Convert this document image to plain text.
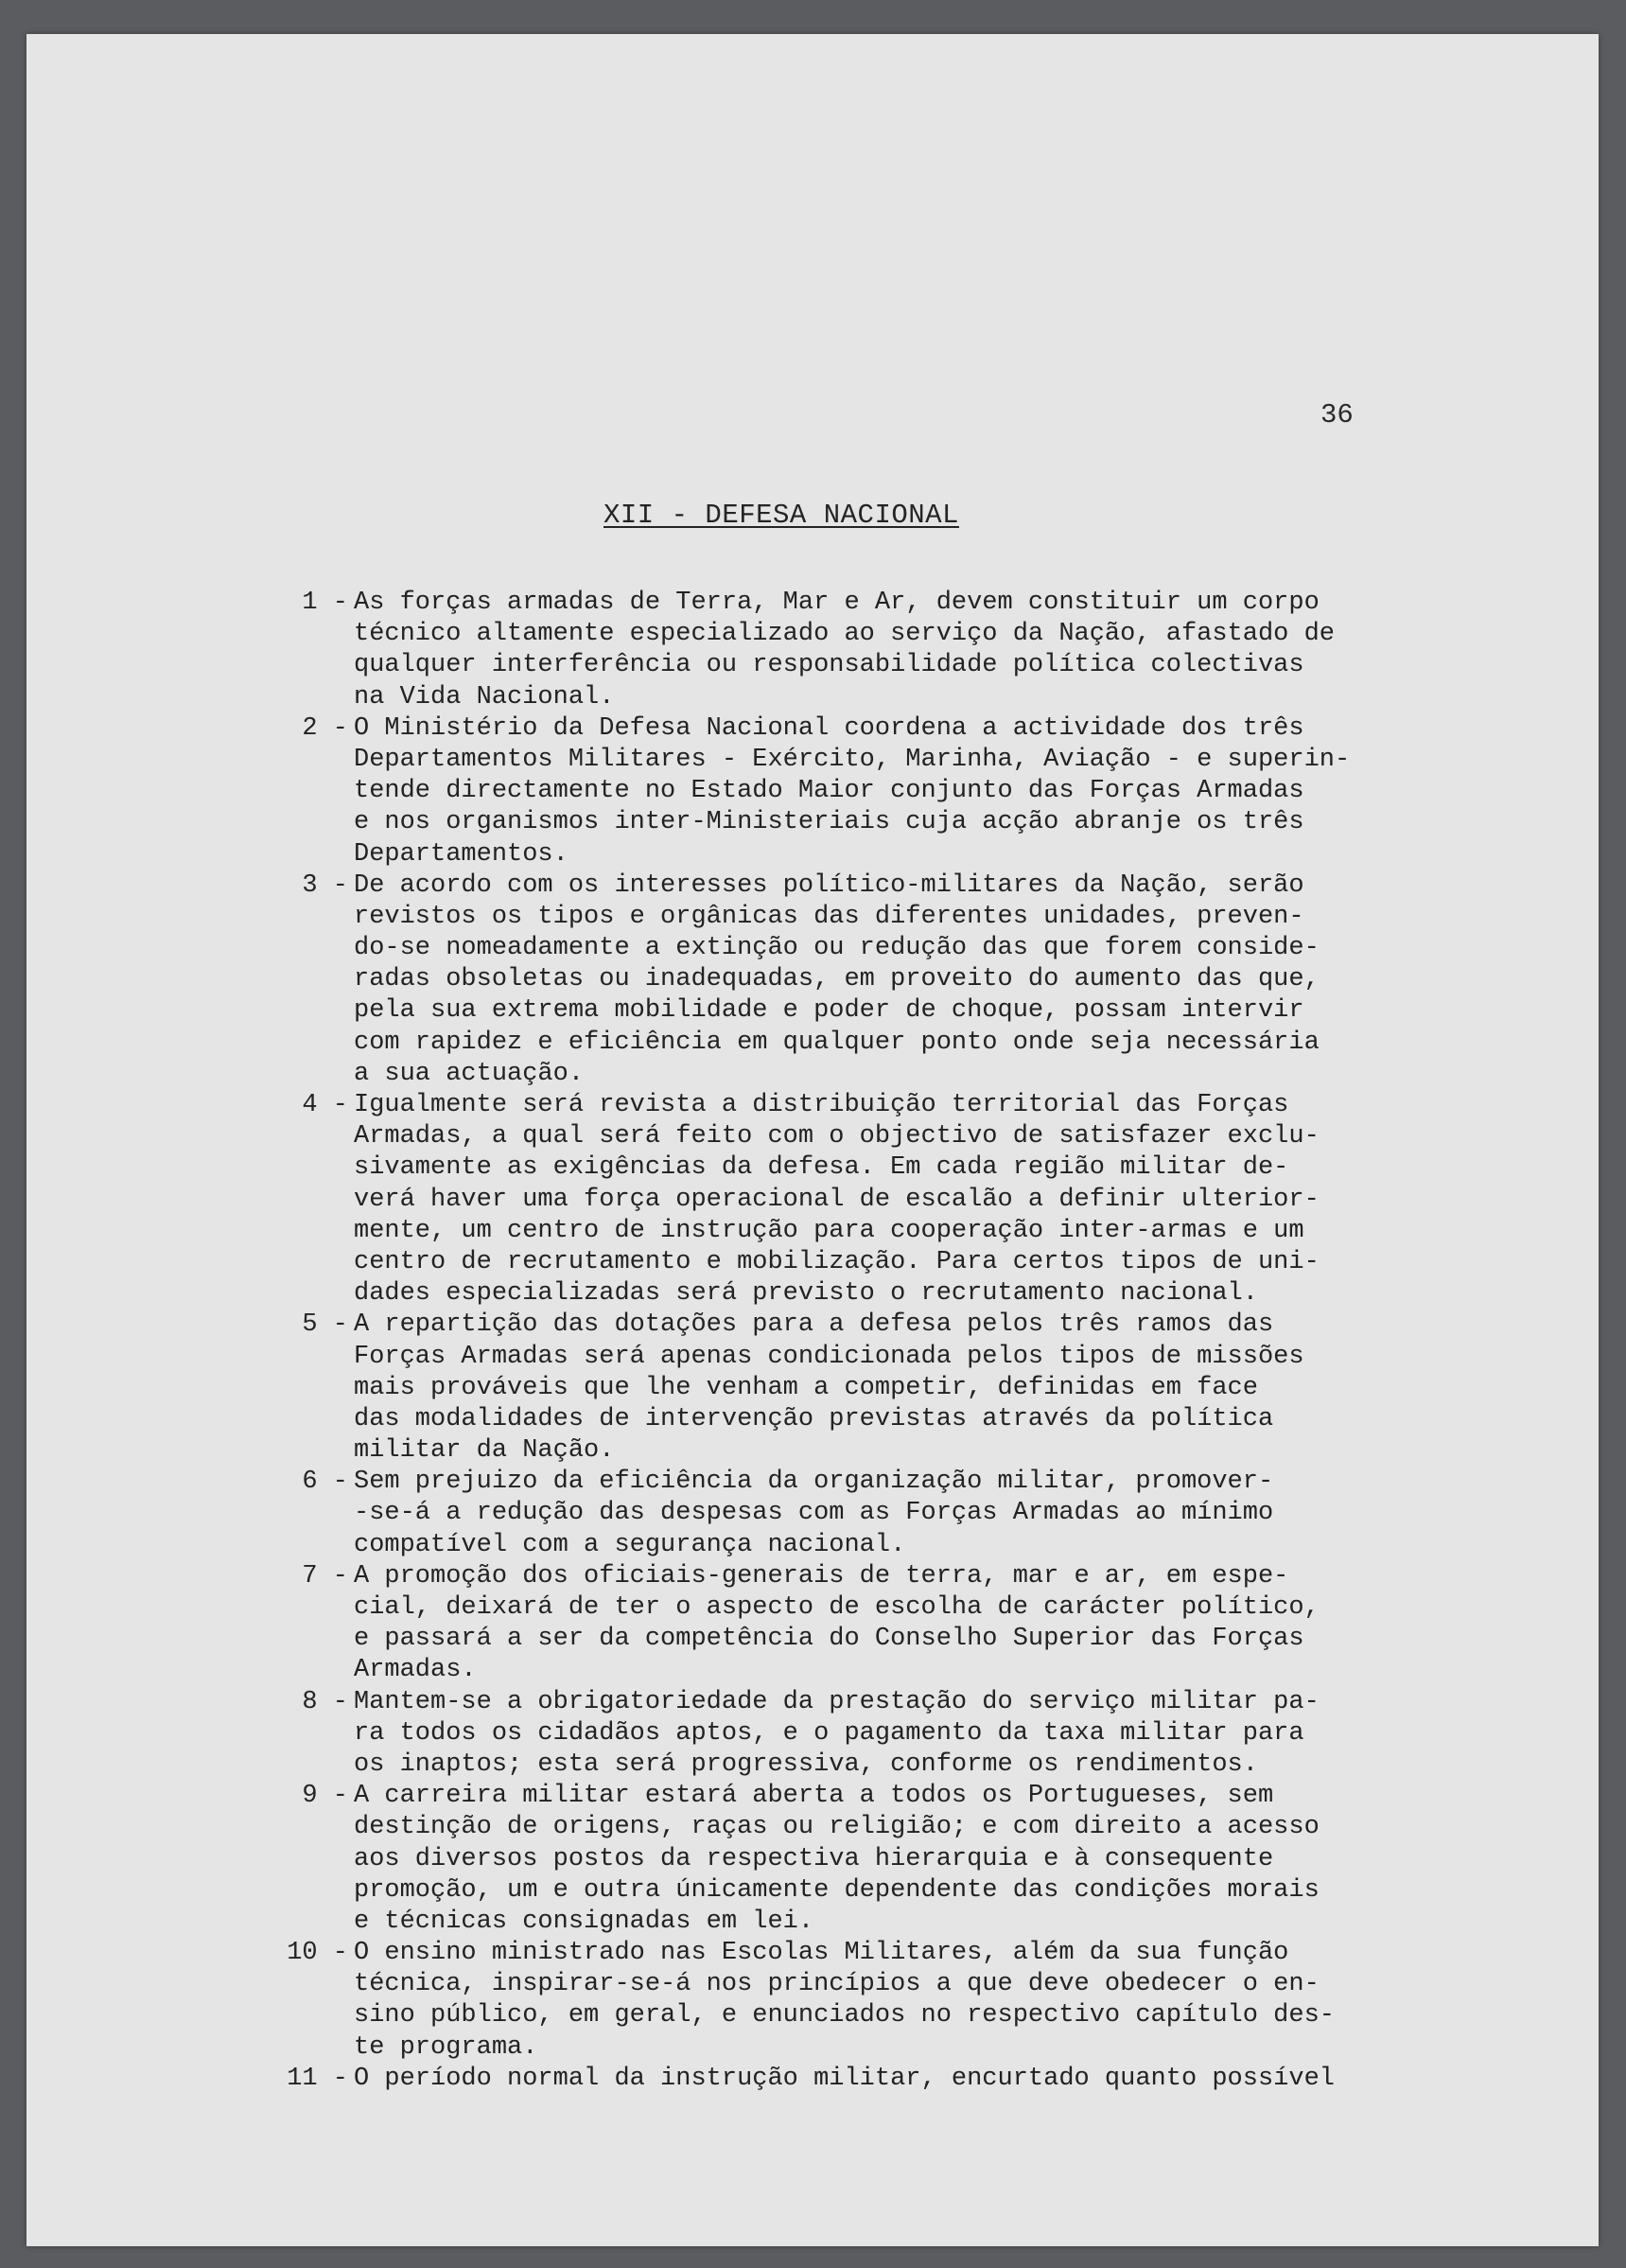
36
XII - DEFESA NACIONAL
1 - As forças armadas de Terra, Mar e Ar, devem constituir um corpo
técnico altamente especializado ao serviço da Nação, afastado de
qualquer interferência ou responsabilidade política colectivas
na Vida Nacional.
2 - O Ministério da Defesa Nacional coordena a actividade dos três
Departamentos Militares - Exército, Marinha, Aviação - e superin-
tende directamente no Estado Maior conjunto das Forças Armadas
e nos organismos inter-Ministeriais cuja acção abranje os três
Departamentos.
3 - De acordo com os interesses político-militares da Nação, serão
revistos os tipos e orgânicas das diferentes unidades, preven-
do-se nomeadamente a extinção ou redução das que forem conside-
radas obsoletas ou inadequadas, em proveito do aumento das que,
pela sua extrema mobilidade e poder de choque, possam intervir
com rapidez e eficiência em qualquer ponto onde seja necessária
a sua actuação.
4 - Igualmente será revista a distribuição territorial das Forças
Armadas, a qual será feito com o objectivo de satisfazer exclu-
sivamente as exigências da defesa. Em cada região militar de-
verá haver uma força operacional de escalão a definir ulterior-
mente, um centro de instrução para cooperação inter-armas e um
centro de recrutamento e mobilização. Para certos tipos de uni-
dades especializadas será previsto o recrutamento nacional.
5 - A repartição das dotações para a defesa pelos três ramos das
Forças Armadas será apenas condicionada pelos tipos de missões
mais prováveis que lhe venham a competir, definidas em face
das modalidades de intervenção previstas através da política
militar da Nação.
6 - Sem prejuizo da eficiência da organização militar, promover-
-se-á a redução das despesas com as Forças Armadas ao mínimo
compatível com a segurança nacional.
7 - A promoção dos oficiais-generais de terra, mar e ar, em espe-
cial, deixará de ter o aspecto de escolha de carácter político,
e passará a ser da competência do Conselho Superior das Forças
Armadas.
8 - Mantem-se a obrigatoriedade da prestação do serviço militar pa-
ra todos os cidadãos aptos, e o pagamento da taxa militar para
os inaptos; esta será progressiva, conforme os rendimentos.
9 - A carreira militar estará aberta a todos os Portugueses, sem
destinção de origens, raças ou religião; e com direito a acesso
aos diversos postos da respectiva hierarquia e à consequente
promoção, um e outra únicamente dependente das condições morais
e técnicas consignadas em lei.
10 - O ensino ministrado nas Escolas Militares, além da sua função
técnica, inspirar-se-á nos princípios a que deve obedecer o en-
sino público, em geral, e enunciados no respectivo capítulo des-
te programa.
11 - O período normal da instrução militar, encurtado quanto possível
